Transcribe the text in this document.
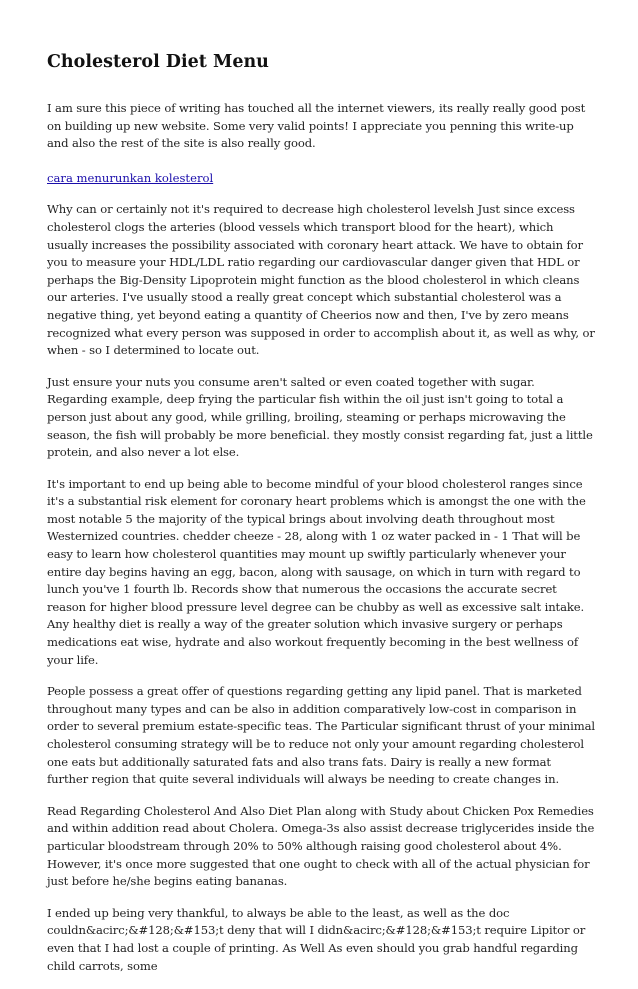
Cholesterol Diet Menu

I am sure this piece of writing has touched all the internet viewers, its really really good post on building up new website. Some very valid points! I appreciate you penning this write-up and also the rest of the site is also really good.

cara menurunkan kolesterol

Why can or certainly not it's required to decrease high cholesterol levelsh Just since excess cholesterol clogs the arteries (blood vessels which transport blood for the heart), which usually increases the possibility associated with coronary heart attack. We have to obtain for you to measure your HDL/LDL ratio regarding our cardiovascular danger given that HDL or perhaps the Big-Density Lipoprotein might function as the blood cholesterol in which cleans our arteries. I've usually stood a really great concept which substantial cholesterol was a negative thing, yet beyond eating a quantity of Cheerios now and then, I've by zero means recognized what every person was supposed in order to accomplish about it, as well as why, or when - so I determined to locate out.

Just ensure your nuts you consume aren't salted or even coated together with sugar. Regarding example, deep frying the particular fish within the oil just isn't going to total a person just about any good, while grilling, broiling, steaming or perhaps microwaving the season, the fish will probably be more beneficial. they mostly consist regarding fat, just a little protein, and also never a lot else.

It's important to end up being able to become mindful of your blood cholesterol ranges since it's a substantial risk element for coronary heart problems which is amongst the one with the most notable 5 the majority of the typical brings about involving death throughout most Westernized countries. chedder cheeze - 28, along with 1 oz water packed in - 1 That will be easy to learn how cholesterol quantities may mount up swiftly particularly whenever your entire day begins having an egg, bacon, along with sausage, on which in turn with regard to lunch you've 1 fourth lb. Records show that numerous the occasions the accurate secret reason for higher blood pressure level degree can be chubby as well as excessive salt intake. Any healthy diet is really a way of the greater solution which invasive surgery or perhaps medications eat wise, hydrate and also workout frequently becoming in the best wellness of your life.

People possess a great offer of questions regarding getting any lipid panel. That is marketed throughout many types and can be also in addition comparatively low-cost in comparison in order to several premium estate-specific teas. The Particular significant thrust of your minimal cholesterol consuming strategy will be to reduce not only your amount regarding cholesterol one eats but additionally saturated fats and also trans fats. Dairy is really a new format further region that quite several individuals will always be needing to create changes in.

Read Regarding Cholesterol And Also Diet Plan along with Study about Chicken Pox Remedies and within addition read about Cholera. Omega-3s also assist decrease triglycerides inside the particular bloodstream through 20% to 50% although raising good cholesterol about 4%. However, it's once more suggested that one ought to check with all of the actual physician for just before he/she begins eating bananas.

I ended up being very thankful, to always be able to the least, as well as the doc couldn&acirc;&#128;&#153;t deny that will I didn&acirc;&#128;&#153;t require Lipitor or even that I had lost a couple of printing. As Well As even should you grab handful regarding child carrots, some
